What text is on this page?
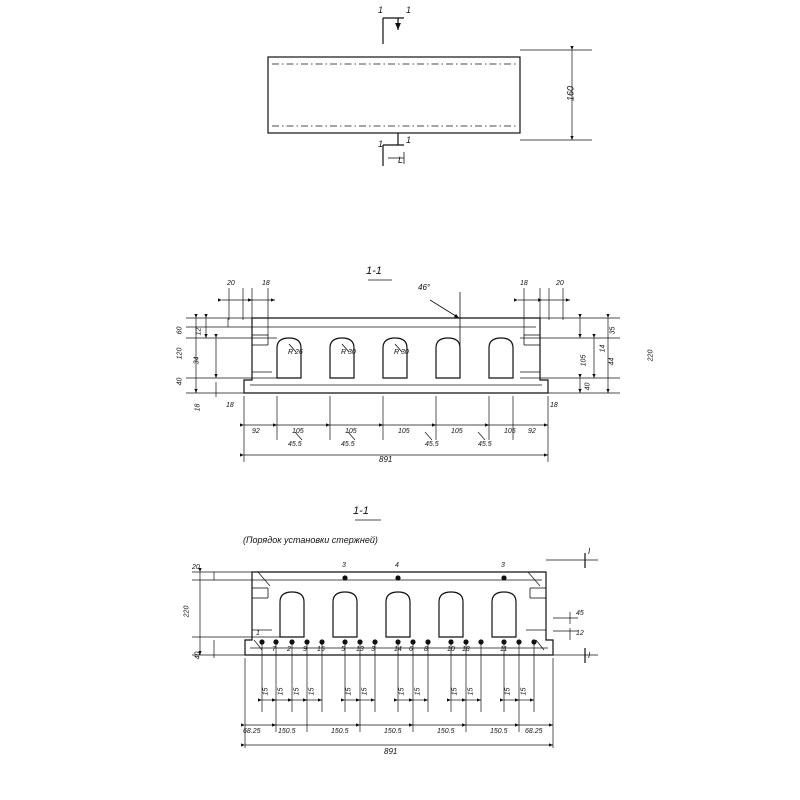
1	1
1	1
L
160
1-1
46°
R 26	R 30	R 30
20	18	18	20
60
120
40
18
12
34
18
35
105
40
14
44
220
18
92	105	105	105	105	105 92
45.5	45.5	45.5	45.5
891
1-1
(Порядок установки стержней)
20
220
40
45
12
I
I
3	4	3
1
7 2 9 15 5 13 3	14 6 8	10 18	11
15 15 15 15	15 15	15 15	15 15	15 15
68.25 150.5	150.5	150.5	150.5	150.5 68.25
891
